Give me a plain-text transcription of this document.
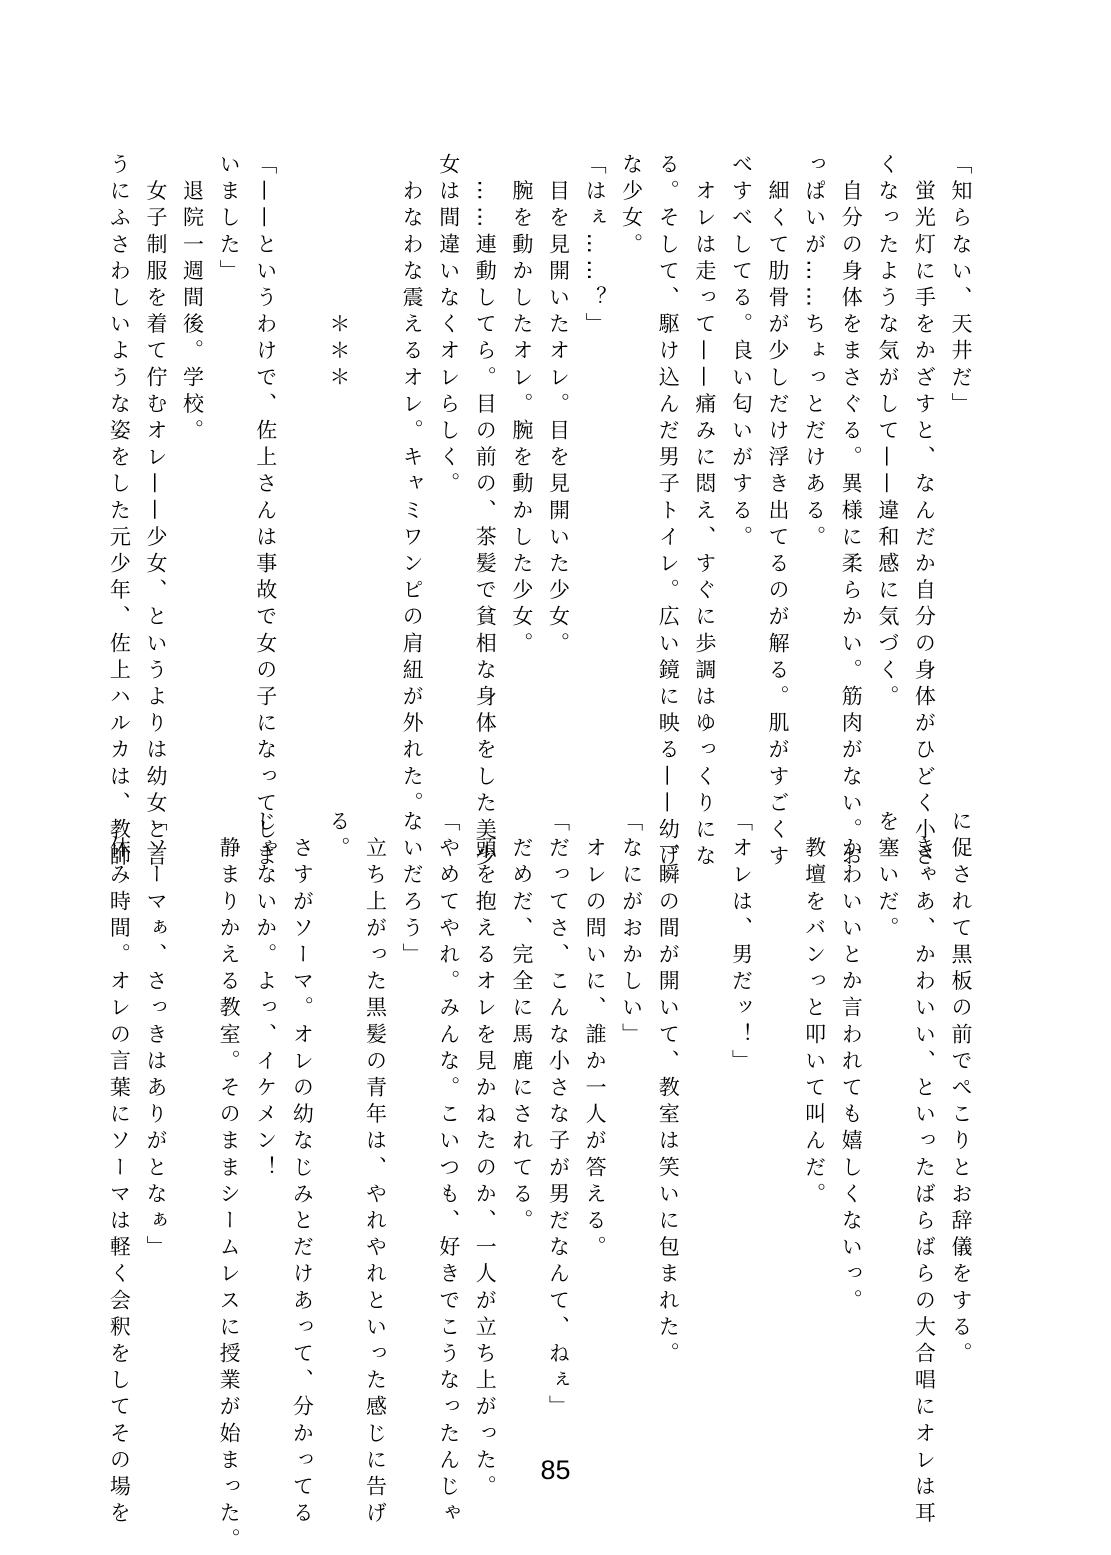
「知らない、天井だ」
　蛍光灯に手をかざすと、なんだか自分の身体がひどく小さ
くなったような気がして——違和感に気づく。
　自分の身体をまさぐる。異様に柔らかい。筋肉がない。お
っぱいが……ちょっとだけある。
　細くて肋骨が少しだけ浮き出てるのが解る。肌がすごくす
べすべしてる。良い匂いがする。
　オレは走って——痛みに悶え、すぐに歩調はゆっくりにな
る。そして、駆け込んだ男子トイレ。広い鏡に映る——幼げ
な少女。
「はぇ……？」
　目を見開いたオレ。目を見開いた少女。
　腕を動かしたオレ。腕を動かした少女。
　……連動してら。目の前の、茶髪で貧相な身体をした美少
女は間違いなくオレらしく。
　わなわな震えるオレ。キャミワンピの肩紐が外れた。

　　　　　　＊＊＊

「——というわけで、佐上さんは事故で女の子になってしま
いました」
　退院一週間後。学校。
　女子制服を着て佇むオレ——少女、というよりは幼女と言
うにふさわしいような姿をした元少年、佐上ハルカは、教師
に促されて黒板の前でぺこりとお辞儀をする。
　きゃあ、かわいい、といったばらばらの大合唱にオレは耳
を塞いだ。
　かわいいとか言われても嬉しくないっ。
　教壇をバンっと叩いて叫んだ。

「オレは、男だッ！」

　一瞬の間が開いて、教室は笑いに包まれた。
「なにがおかしい」
　オレの問いに、誰か一人が答える。
「だってさ、こんな小さな子が男だなんて、ねぇ」
　だめだ、完全に馬鹿にされてる。
　頭を抱えるオレを見かねたのか、一人が立ち上がった。
「やめてやれ。みんな。こいつも、好きでこうなったんじゃ
ないだろう」
　立ち上がった黒髪の青年は、やれやれといった感じに告げ
る。
　さすがソーマ。オレの幼なじみとだけあって、分かってる
じゃないか。よっ、イケメン！
　静まりかえる教室。そのままシームレスに授業が始まった。

「ソーマぁ、さっきはありがとなぁ」
　休み時間。オレの言葉にソーマは軽く会釈をしてその場を	85
